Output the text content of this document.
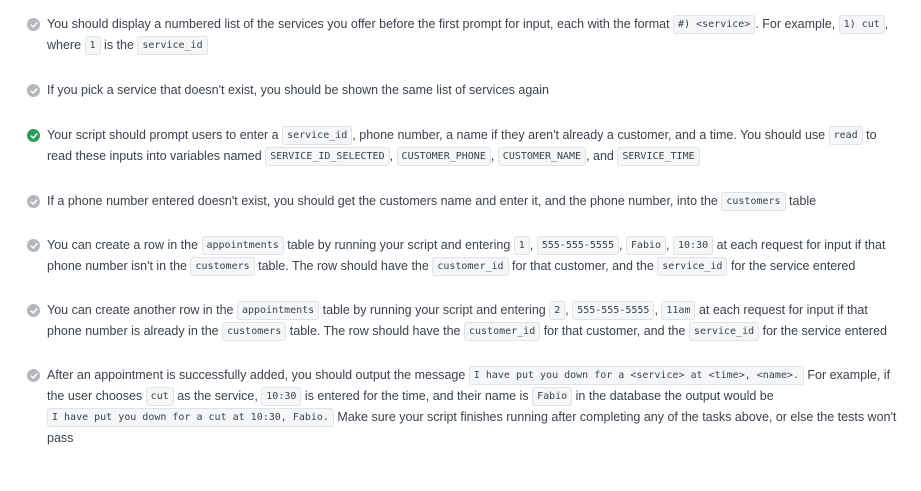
You should display a numbered list of the services you offer before the first prompt for input, each with the format #) <service> . For example, 1) cut , where 1 is the service_id
If you pick a service that doesn't exist, you should be shown the same list of services again
Your script should prompt users to enter a service_id , phone number, a name if they aren't already a customer, and a time. You should use read to read these inputs into variables named SERVICE_ID_SELECTED , CUSTOMER_PHONE , CUSTOMER_NAME , and SERVICE_TIME
If a phone number entered doesn't exist, you should get the customers name and enter it, and the phone number, into the customers table
You can create a row in the appointments table by running your script and entering 1 , 555-555-5555 , Fabio , 10:30 at each request for input if that phone number isn't in the customers table. The row should have the customer_id for that customer, and the service_id for the service entered
You can create another row in the appointments table by running your script and entering 2 , 555-555-5555 , 11am at each request for input if that phone number is already in the customers table. The row should have the customer_id for that customer, and the service_id for the service entered
After an appointment is successfully added, you should output the message I have put you down for a <service> at <time>, <name>. For example, if the user chooses cut as the service, 10:30 is entered for the time, and their name is Fabio in the database the output would be I have put you down for a cut at 10:30, Fabio. Make sure your script finishes running after completing any of the tasks above, or else the tests won't pass
